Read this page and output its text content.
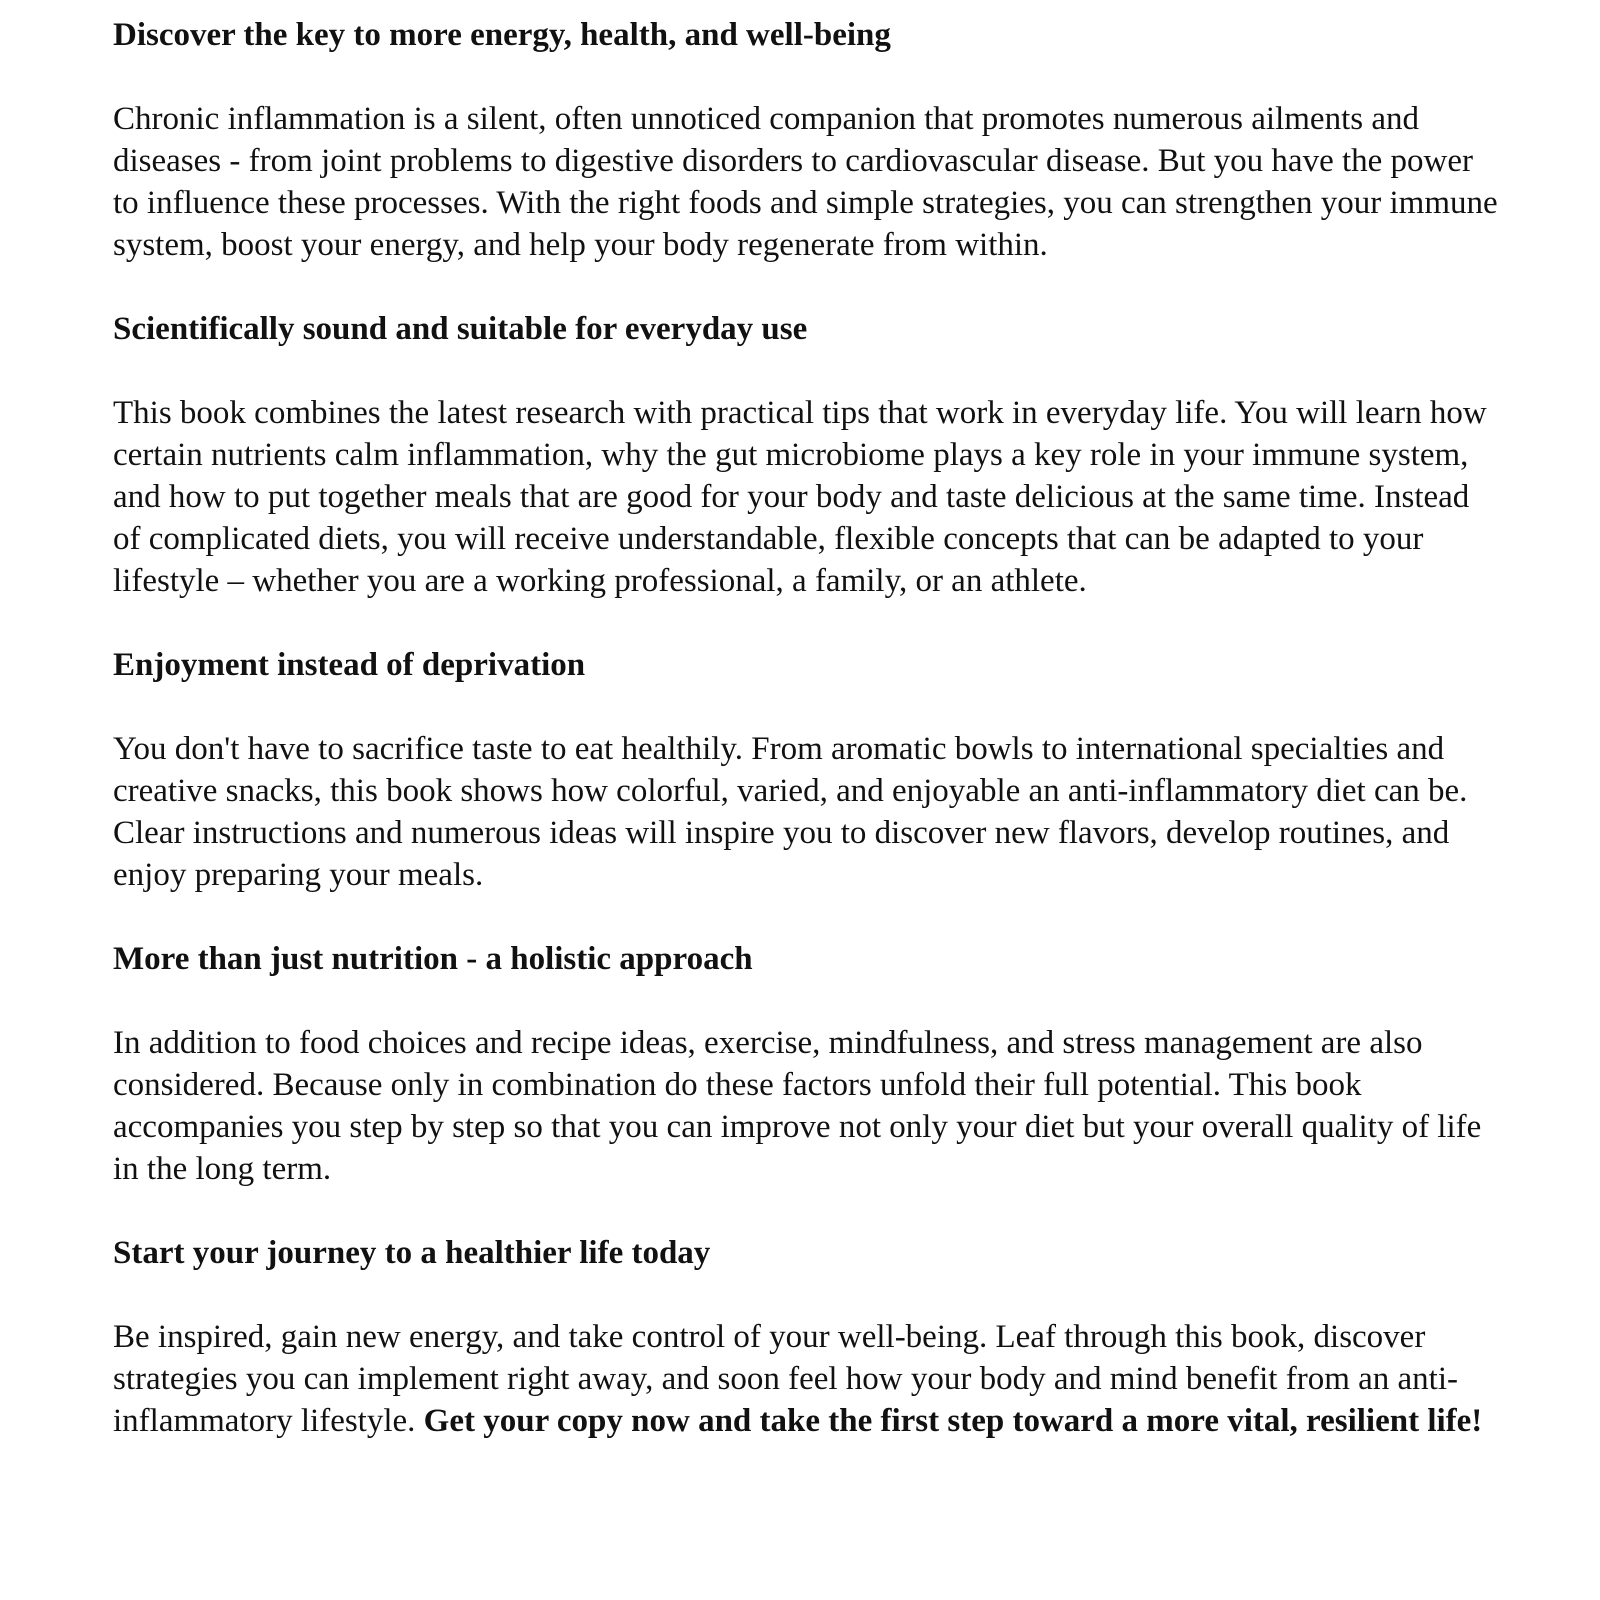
Discover the key to more energy, health, and well-being

Chronic inflammation is a silent, often unnoticed companion that promotes numerous ailments and diseases - from joint problems to digestive disorders to cardiovascular disease. But you have the power to influence these processes. With the right foods and simple strategies, you can strengthen your immune system, boost your energy, and help your body regenerate from within.

Scientifically sound and suitable for everyday use

This book combines the latest research with practical tips that work in everyday life. You will learn how certain nutrients calm inflammation, why the gut microbiome plays a key role in your immune system, and how to put together meals that are good for your body and taste delicious at the same time. Instead of complicated diets, you will receive understandable, flexible concepts that can be adapted to your lifestyle – whether you are a working professional, a family, or an athlete.

Enjoyment instead of deprivation

You don't have to sacrifice taste to eat healthily. From aromatic bowls to international specialties and creative snacks, this book shows how colorful, varied, and enjoyable an anti-inflammatory diet can be. Clear instructions and numerous ideas will inspire you to discover new flavors, develop routines, and enjoy preparing your meals.

More than just nutrition - a holistic approach

In addition to food choices and recipe ideas, exercise, mindfulness, and stress management are also considered. Because only in combination do these factors unfold their full potential. This book accompanies you step by step so that you can improve not only your diet but your overall quality of life in the long term.

Start your journey to a healthier life today

Be inspired, gain new energy, and take control of your well-being. Leaf through this book, discover strategies you can implement right away, and soon feel how your body and mind benefit from an anti-inflammatory lifestyle. Get your copy now and take the first step toward a more vital, resilient life!
